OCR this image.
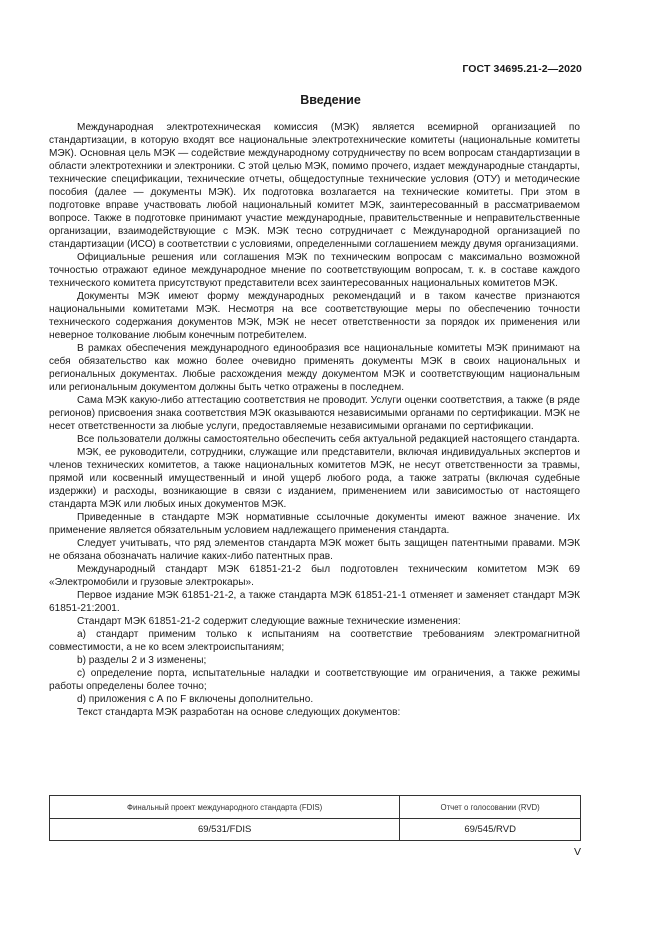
ГОСТ 34695.21-2—2020
Введение

Международная электротехническая комиссия (МЭК) является всемирной организацией по стандартизации, в которую входят все национальные электротехнические комитеты (национальные комитеты МЭК). Основная цель МЭК — содействие международному сотрудничеству по всем вопросам стандартизации в области электротехники и электроники. С этой целью МЭК, помимо прочего, издает международные стандарты, технические спецификации, технические отчеты, общедоступные технические условия (ОТУ) и методические пособия (далее — документы МЭК). Их подготовка возлагается на технические комитеты. При этом в подготовке вправе участвовать любой национальный комитет МЭК, заинтересованный в рассматриваемом вопросе. Также в подготовке принимают участие международные, правительственные и неправительственные организации, взаимодействующие с МЭК. МЭК тесно сотрудничает с Международной организацией по стандартизации (ИСО) в соответствии с условиями, определенными соглашением между двумя организациями.

Официальные решения или соглашения МЭК по техническим вопросам с максимально возможной точностью отражают единое международное мнение по соответствующим вопросам, т. к. в составе каждого технического комитета присутствуют представители всех заинтересованных национальных комитетов МЭК.

Документы МЭК имеют форму международных рекомендаций и в таком качестве признаются национальными комитетами МЭК. Несмотря на все соответствующие меры по обеспечению точности технического содержания документов МЭК, МЭК не несет ответственности за порядок их применения или неверное толкование любым конечным потребителем.

В рамках обеспечения международного единообразия все национальные комитеты МЭК принимают на себя обязательство как можно более очевидно применять документы МЭК в своих национальных и региональных документах. Любые расхождения между документом МЭК и соответствующим национальным или региональным документом должны быть четко отражены в последнем.

Сама МЭК какую-либо аттестацию соответствия не проводит. Услуги оценки соответствия, а также (в ряде регионов) присвоения знака соответствия МЭК оказываются независимыми органами по сертификации. МЭК не несет ответственности за любые услуги, предоставляемые независимыми органами по сертификации.

Все пользователи должны самостоятельно обеспечить себя актуальной редакцией настоящего стандарта.

МЭК, ее руководители, сотрудники, служащие или представители, включая индивидуальных экспертов и членов технических комитетов, а также национальных комитетов МЭК, не несут ответственности за травмы, прямой или косвенный имущественный и иной ущерб любого рода, а также затраты (включая судебные издержки) и расходы, возникающие в связи с изданием, применением или зависимостью от настоящего стандарта МЭК или любых иных документов МЭК.

Приведенные в стандарте МЭК нормативные ссылочные документы имеют важное значение. Их применение является обязательным условием надлежащего применения стандарта.

Следует учитывать, что ряд элементов стандарта МЭК может быть защищен патентными правами. МЭК не обязана обозначать наличие каких-либо патентных прав.

Международный стандарт МЭК 61851-21-2 был подготовлен техническим комитетом МЭК 69 «Электромобили и грузовые электрокары».

Первое издание МЭК 61851-21-2, а также стандарта МЭК 61851-21-1 отменяет и заменяет стандарт МЭК 61851-21:2001.

Стандарт МЭК 61851-21-2 содержит следующие важные технические изменения:

а) стандарт применим только к испытаниям на соответствие требованиям электромагнитной совместимости, а не ко всем электроиспытаниям;

b) разделы 2 и 3 изменены;

c) определение порта, испытательные наладки и соответствующие им ограничения, а также режимы работы определены более точно;

d) приложения с А по F включены дополнительно.

Текст стандарта МЭК разработан на основе следующих документов:

Финальный проект международного стандарта (FDIS)	Отчет о голосовании (RVD)
69/531/FDIS	69/545/RVD
V
